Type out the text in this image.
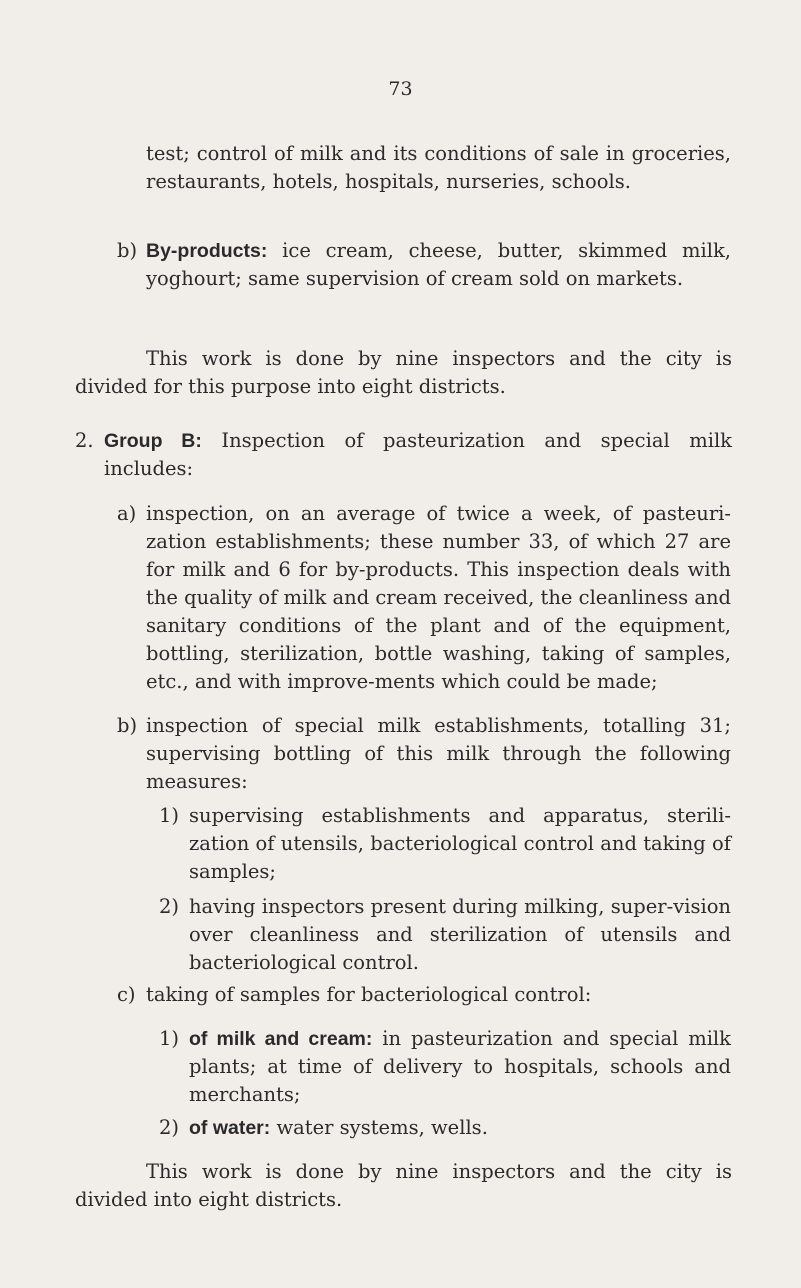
73

test; control of milk and its conditions of sale in groceries, restaurants, hotels, hospitals, nurseries, schools.

b) By-products: ice cream, cheese, butter, skimmed milk, yoghourt; same supervision of cream sold on markets.

This work is done by nine inspectors and the city is divided for this purpose into eight districts.

2. Group B: Inspection of pasteurization and special milk includes:

a) inspection, on an average of twice a week, of pasteuri-zation establishments; these number 33, of which 27 are for milk and 6 for by-products. This inspection deals with the quality of milk and cream received, the cleanliness and sanitary conditions of the plant and of the equipment, bottling, sterilization, bottle washing, taking of samples, etc., and with improve-ments which could be made;

b) inspection of special milk establishments, totalling 31; supervising bottling of this milk through the following measures:

1) supervising establishments and apparatus, sterili-zation of utensils, bacteriological control and taking of samples;

2) having inspectors present during milking, super-vision over cleanliness and sterilization of utensils and bacteriological control.

c) taking of samples for bacteriological control:

1) of milk and cream: in pasteurization and special milk plants; at time of delivery to hospitals, schools and merchants;

2) of water: water systems, wells.

This work is done by nine inspectors and the city is divided into eight districts.
